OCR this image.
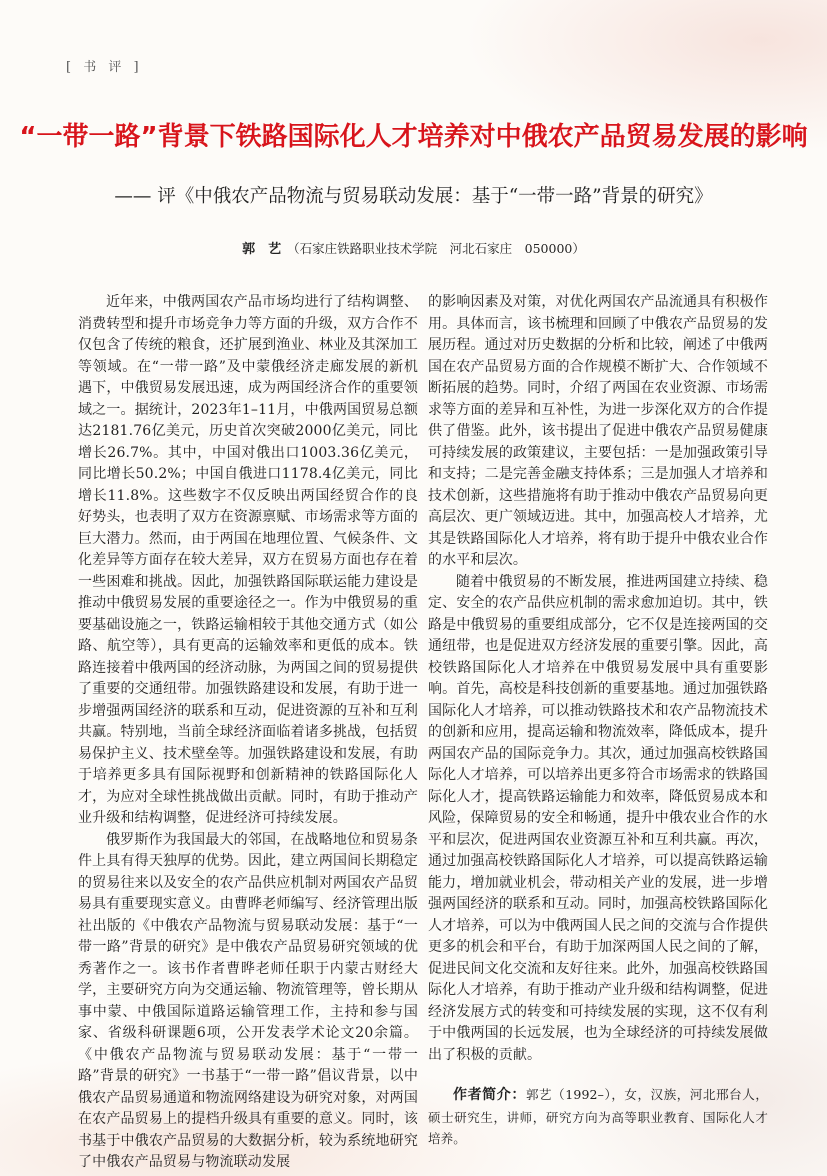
[ 书 评 ]
“一带一路”背景下铁路国际化人才培养对中俄农产品贸易发展的影响
—— 评《中俄农产品物流与贸易联动发展：基于“一带一路”背景的研究》
郭　艺 （石家庄铁路职业技术学院　河北石家庄　050000）

近年来，中俄两国农产品市场均进行了结构调整、消费转型和提升市场竞争力等方面的升级，双方合作不仅包含了传统的粮食，还扩展到渔业、林业及其深加工等领域。在“一带一路”及中蒙俄经济走廊发展的新机遇下，中俄贸易发展迅速，成为两国经济合作的重要领域之一。据统计，2023年1–11月，中俄两国贸易总额达2181.76亿美元，历史首次突破2000亿美元，同比增长26.7%。其中，中国对俄出口1003.36亿美元，同比增长50.2%；中国自俄进口1178.4亿美元，同比增长11.8%。这些数字不仅反映出两国经贸合作的良好势头，也表明了双方在资源禀赋、市场需求等方面的巨大潜力。然而，由于两国在地理位置、气候条件、文化差异等方面存在较大差异，双方在贸易方面也存在着一些困难和挑战。因此，加强铁路国际联运能力建设是推动中俄贸易发展的重要途径之一。作为中俄贸易的重要基础设施之一，铁路运输相较于其他交通方式（如公路、航空等），具有更高的运输效率和更低的成本。铁路连接着中俄两国的经济动脉，为两国之间的贸易提供了重要的交通纽带。加强铁路建设和发展，有助于进一步增强两国经济的联系和互动，促进资源的互补和互利共赢。特别地，当前全球经济面临着诸多挑战，包括贸易保护主义、技术壁垒等。加强铁路建设和发展，有助于培养更多具有国际视野和创新精神的铁路国际化人才，为应对全球性挑战做出贡献。同时，有助于推动产业升级和结构调整，促进经济可持续发展。

俄罗斯作为我国最大的邻国，在战略地位和贸易条件上具有得天独厚的优势。因此，建立两国间长期稳定的贸易往来以及安全的农产品供应机制对两国农产品贸易具有重要现实意义。由曹晔老师编写、经济管理出版社出版的《中俄农产品物流与贸易联动发展：基于“一带一路”背景的研究》是中俄农产品贸易研究领域的优秀著作之一。该书作者曹晔老师任职于内蒙古财经大学，主要研究方向为交通运输、物流管理等，曾长期从事中蒙、中俄国际道路运输管理工作，主持和参与国家、省级科研课题6项，公开发表学术论文20余篇。《中俄农产品物流与贸易联动发展：基于“一带一路”背景的研究》一书基于“一带一路”倡议背景，以中俄农产品贸易通道和物流网络建设为研究对象，对两国在农产品贸易上的提档升级具有重要的意义。同时，该书基于中俄农产品贸易的大数据分析，较为系统地研究了中俄农产品贸易与物流联动发展

的影响因素及对策，对优化两国农产品流通具有积极作用。具体而言，该书梳理和回顾了中俄农产品贸易的发展历程。通过对历史数据的分析和比较，阐述了中俄两国在农产品贸易方面的合作规模不断扩大、合作领域不断拓展的趋势。同时，介绍了两国在农业资源、市场需求等方面的差异和互补性，为进一步深化双方的合作提供了借鉴。此外，该书提出了促进中俄农产品贸易健康可持续发展的政策建议，主要包括：一是加强政策引导和支持；二是完善金融支持体系；三是加强人才培养和技术创新，这些措施将有助于推动中俄农产品贸易向更高层次、更广领域迈进。其中，加强高校人才培养，尤其是铁路国际化人才培养，将有助于提升中俄农业合作的水平和层次。

随着中俄贸易的不断发展，推进两国建立持续、稳定、安全的农产品供应机制的需求愈加迫切。其中，铁路是中俄贸易的重要组成部分，它不仅是连接两国的交通纽带，也是促进双方经济发展的重要引擎。因此，高校铁路国际化人才培养在中俄贸易发展中具有重要影响。首先，高校是科技创新的重要基地。通过加强铁路国际化人才培养，可以推动铁路技术和农产品物流技术的创新和应用，提高运输和物流效率，降低成本，提升两国农产品的国际竞争力。其次，通过加强高校铁路国际化人才培养，可以培养出更多符合市场需求的铁路国际化人才，提高铁路运输能力和效率，降低贸易成本和风险，保障贸易的安全和畅通，提升中俄农业合作的水平和层次，促进两国农业资源互补和互利共赢。再次，通过加强高校铁路国际化人才培养，可以提高铁路运输能力，增加就业机会，带动相关产业的发展，进一步增强两国经济的联系和互动。同时，加强高校铁路国际化人才培养，可以为中俄两国人民之间的交流与合作提供更多的机会和平台，有助于加深两国人民之间的了解，促进民间文化交流和友好往来。此外，加强高校铁路国际化人才培养，有助于推动产业升级和结构调整，促进经济发展方式的转变和可持续发展的实现，这不仅有利于中俄两国的长远发展，也为全球经济的可持续发展做出了积极的贡献。

作者简介：郭艺（1992–），女，汉族，河北邢台人，硕士研究生，讲师，研究方向为高等职业教育、国际化人才培养。
